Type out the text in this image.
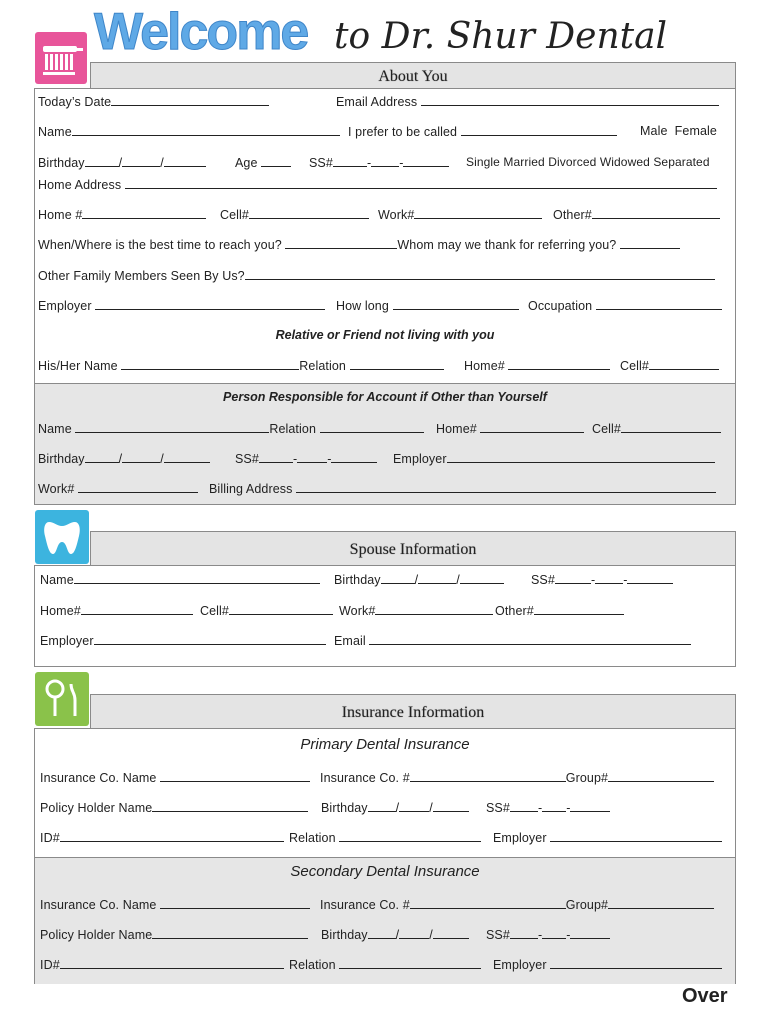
Welcome to Dr. Shur Dental
About You
Today’s Date	Email Address
Name	I prefer to be called	Male Female
Birthday	/	/	Age	SS#	- -	Single Married Divorced Widowed Separated
Home Address
Home #	Cell#	Work#	Other#
When/Where is the best time to reach you?	Whom may we thank for referring you?
Other Family Members Seen By Us?
Employer	How long	Occupation
Relative or Friend not living with you
His/Her Name	Relation	Home#	Cell#
Person Responsible for Account if Other than Yourself
Name	Relation	Home#	Cell#
Birthday	/	/	SS#	- -	Employer
Work#	Billing Address
Spouse Information
Name	Birthday	/	/	SS#	- -
Home#	Cell#	Work#	Other#
Employer	Email
Insurance Information
Primary Dental Insurance
Insurance Co. Name	Insurance Co. #	Group#
Policy Holder Name	Birthday / /	SS# - -
ID#	Relation	Employer
Secondary Dental Insurance
Insurance Co. Name	Insurance Co. #	Group#
Policy Holder Name	Birthday / /	SS# - -
ID#	Relation	Employer
Over
